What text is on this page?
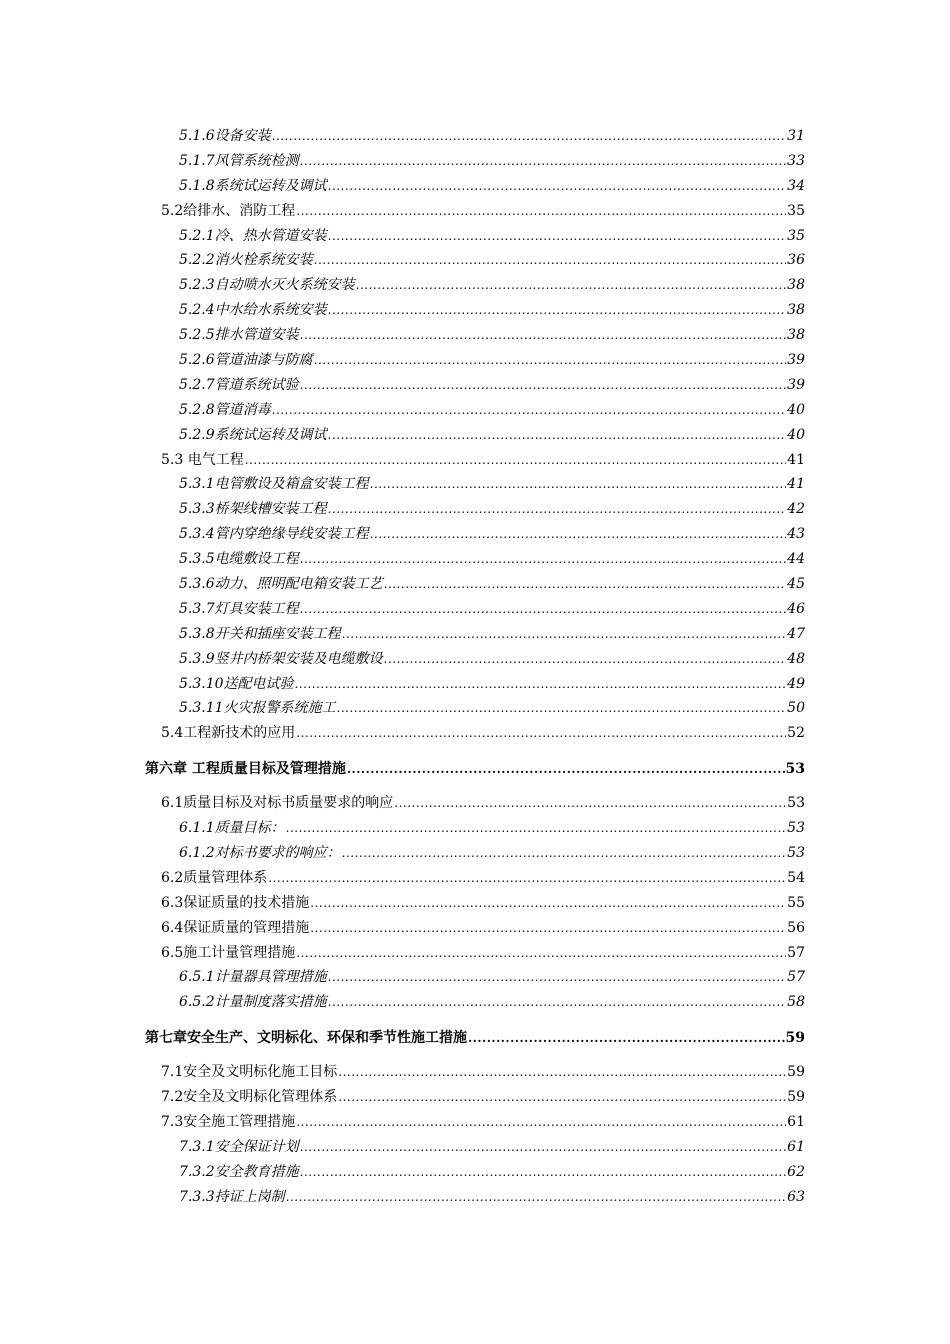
5.1.6设备安装 .....	31
5.1.7风管系统检测 .....	33
5.1.8系统试运转及调试 .....	34
5.2给排水、消防工程 .....	35
5.2.1冷、热水管道安装 .....	35
5.2.2消火栓系统安装 .....	36
5.2.3自动喷水灭火系统安装 .....	38
5.2.4中水给水系统安装 .....	38
5.2.5排水管道安装 .....	38
5.2.6管道油漆与防腐 .....	39
5.2.7管道系统试验 .....	39
5.2.8管道消毒 .....	40
5.2.9系统试运转及调试 .....	40
5.3 电气工程 .....	41
5.3.1电管敷设及箱盒安装工程 .....	41
5.3.3桥架线槽安装工程 .....	42
5.3.4管内穿绝缘导线安装工程 .....	43
5.3.5电缆敷设工程 .....	44
5.3.6动力、照明配电箱安装工艺 .....	45
5.3.7灯具安装工程 .....	46
5.3.8开关和插座安装工程 .....	47
5.3.9竖井内桥架安装及电缆敷设 .....	48
5.3.10送配电试验 .....	49
5.3.11火灾报警系统施工 .....	50
5.4工程新技术的应用 .....	52
第六章 工程质量目标及管理措施 .....	53
6.1质量目标及对标书质量要求的响应 .....	53
6.1.1质量目标： .....	53
6.1.2对标书要求的响应： .....	53
6.2质量管理体系 .....	54
6.3保证质量的技术措施 .....	55
6.4保证质量的管理措施 .....	56
6.5施工计量管理措施 .....	57
6.5.1计量器具管理措施 .....	57
6.5.2计量制度落实措施 .....	58
第七章安全生产、文明标化、环保和季节性施工措施 .....	59
7.1安全及文明标化施工目标 .....	59
7.2安全及文明标化管理体系 .....	59
7.3安全施工管理措施 .....	61
7.3.1安全保证计划 .....	61
7.3.2安全教育措施 .....	62
7.3.3持证上岗制 .....	63
